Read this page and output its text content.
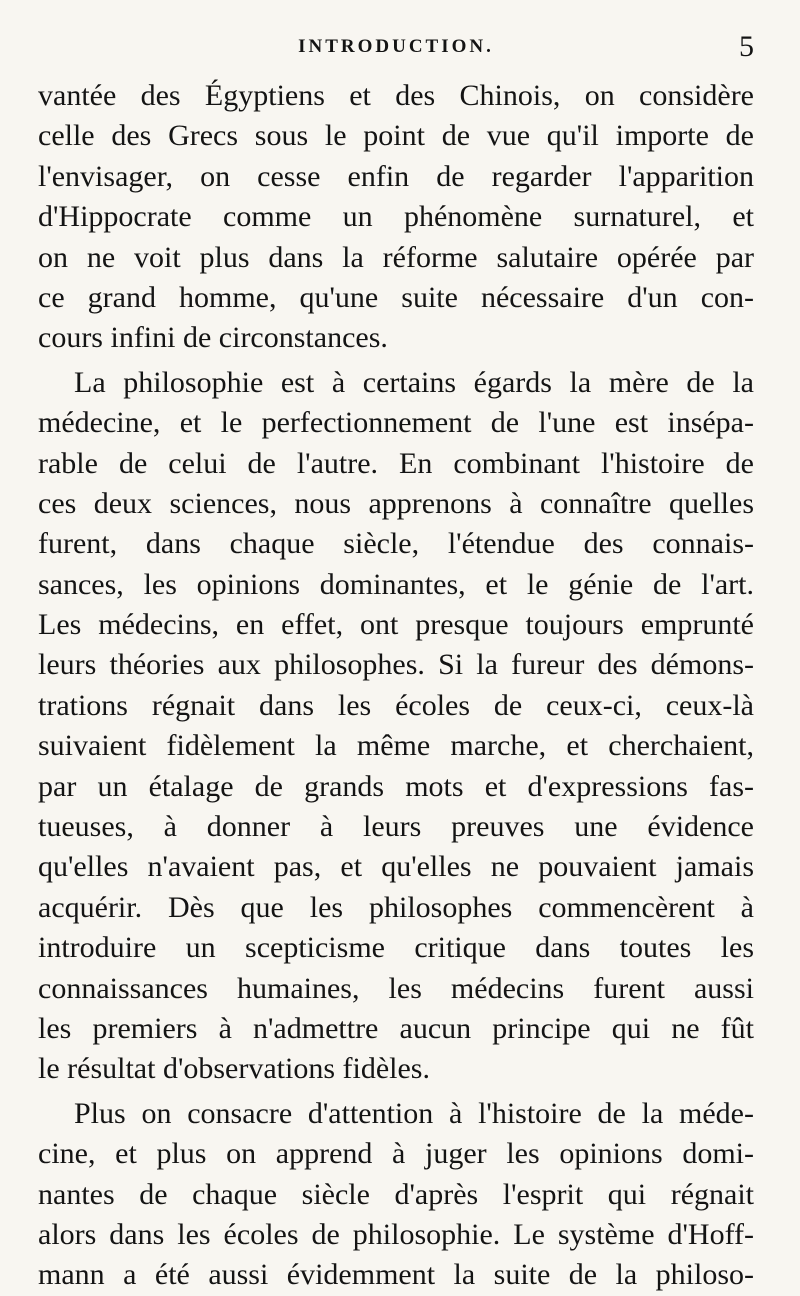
INTRODUCTION.	5
vantée des Égyptiens et des Chinois, on considère
celle des Grecs sous le point de vue qu'il importe de
l'envisager, on cesse enfin de regarder l'apparition
d'Hippocrate comme un phénomène surnaturel, et
on ne voit plus dans la réforme salutaire opérée par
ce grand homme, qu'une suite nécessaire d'un con-
cours infini de circonstances.
La philosophie est à certains égards la mère de la
médecine, et le perfectionnement de l'une est insépa-
rable de celui de l'autre. En combinant l'histoire de
ces deux sciences, nous apprenons à connaître quelles
furent, dans chaque siècle, l'étendue des connais-
sances, les opinions dominantes, et le génie de l'art.
Les médecins, en effet, ont presque toujours emprunté
leurs théories aux philosophes. Si la fureur des démons-
trations régnait dans les écoles de ceux-ci, ceux-là
suivaient fidèlement la même marche, et cherchaient,
par un étalage de grands mots et d'expressions fas-
tueuses, à donner à leurs preuves une évidence
qu'elles n'avaient pas, et qu'elles ne pouvaient jamais
acquérir. Dès que les philosophes commencèrent à
introduire un scepticisme critique dans toutes les
connaissances humaines, les médecins furent aussi
les premiers à n'admettre aucun principe qui ne fût
le résultat d'observations fidèles.
Plus on consacre d'attention à l'histoire de la méde-
cine, et plus on apprend à juger les opinions domi-
nantes de chaque siècle d'après l'esprit qui régnait
alors dans les écoles de philosophie. Le système d'Hoff-
mann a été aussi évidemment la suite de la philoso-
